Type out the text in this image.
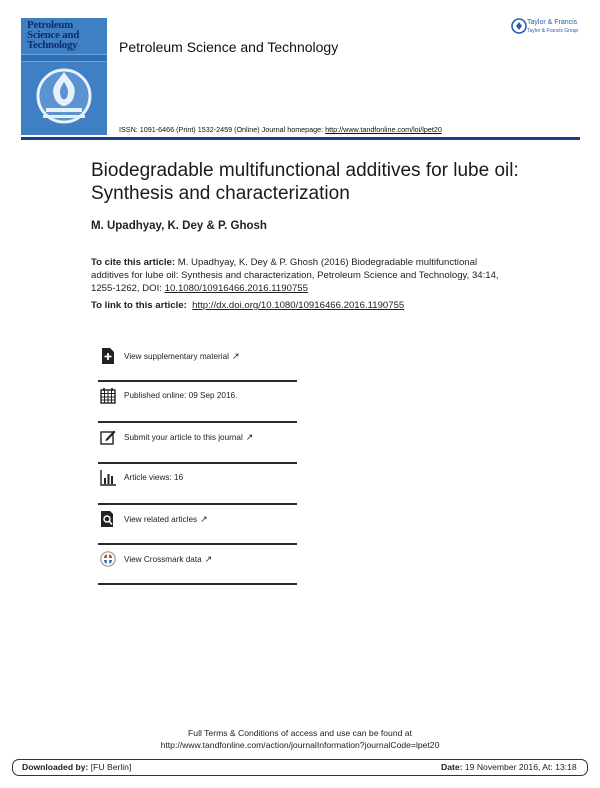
Petroleum
Science and
Technology	Petroleum Science and Technology
Taylor & Francis
Taylor & Francis Group
ISSN: 1091-6466 (Print) 1532-2459 (Online) Journal homepage: http://www.tandfonline.com/loi/lpet20
Biodegradable multifunctional additives for lube oil: Synthesis and characterization
M. Upadhyay, K. Dey & P. Ghosh
To cite this article: M. Upadhyay, K. Dey & P. Ghosh (2016) Biodegradable multifunctional additives for lube oil: Synthesis and characterization, Petroleum Science and Technology, 34:14, 1255-1262, DOI: 10.1080/10916466.2016.1190755
To link to this article: http://dx.doi.org/10.1080/10916466.2016.1190755
View supplementary material ↗
Published online: 09 Sep 2016.
Submit your article to this journal ↗
Article views: 16
View related articles ↗
View Crossmark data ↗
Full Terms & Conditions of access and use can be found at
http://www.tandfonline.com/action/journalInformation?journalCode=lpet20
Downloaded by: [FU Berlin]	Date: 19 November 2016, At: 13:18
